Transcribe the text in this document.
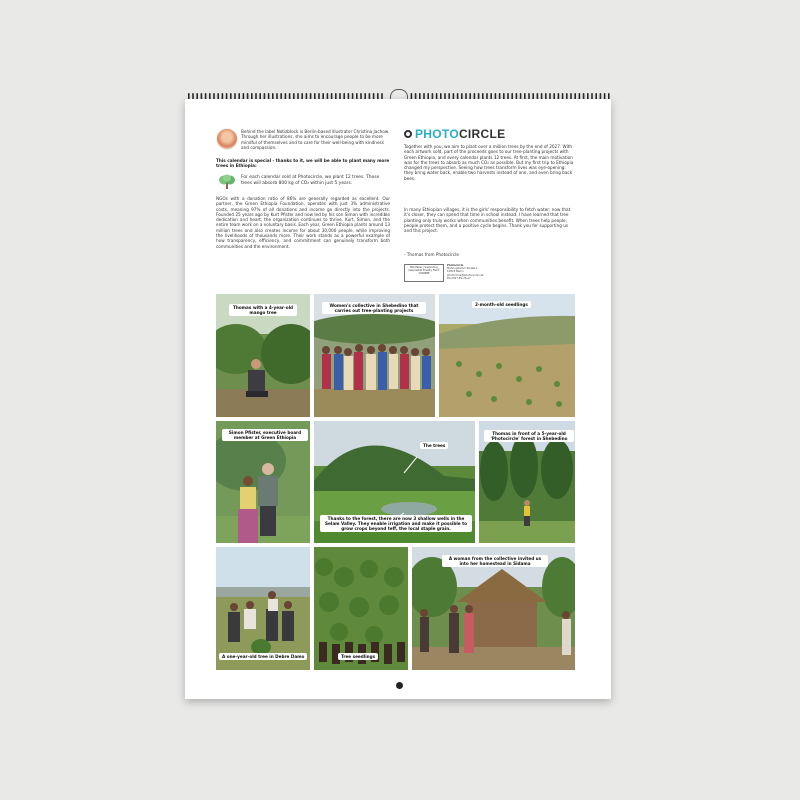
Behind the label Notizblock is Berlin-based illustrator Christina Jachow. Through her illustrations, she aims to encourage people to be more mindful of themselves and to care for their well-being with kindness and compassion.

This calendar is special - thanks to it, we will be able to plant many more trees in Ethiopia:

For each calendar sold at Photocircle, we plant 12 trees. These trees will absorb 800 kg of CO₂ within just 5 years.

NGOs with a donation ratio of 86% are generally regarded as excellent. Our partner, the Green Ethiopia Foundation, operates with just 3% administrative costs, meaning 97% of all donations and income go directly into the projects. Founded 25 years ago by Kurt Pfister and now led by his son Simon with incredible dedication and heart, the organization continues to thrive. Kurt, Simon, and the entire team work on a voluntary basis. Each year, Green Ethiopia plants around 13 million trees and also creates income for about 30,000 people, while improving the livelihoods of thousands more. Their work stands as a powerful example of how transparency, efficiency, and commitment can genuinely transform both communities and the environment.

PHOTOCIRCLE

Together with you, we aim to plant over a million trees by the end of 2027. With each artwork sold, part of the proceeds goes to our tree-planting projects with Green Ethiopia, and every calendar plants 12 trees. At first, the main motivation was for the trees to absorb as much CO₂ as possible. But my first trip to Ethiopia changed my perspective. Seeing how trees transform lives was eye-opening: they bring water back, enable two harvests instead of one, and even bring back bees.

In many Ethiopian villages, it is the girls' responsibility to fetch water; now that it's closer, they can spend that time in school instead. I have learned that tree planting only truly works when communities benefit. When trees help people, people protect them, and a positive cycle begins. Thank you for supporting us and this project.

- Thomas from Photocircle

MIX Paper | Supporting responsible forestry FSC® C018888
Photocircle
Mehringdamm Straße 1
10823 Berlin
photocircle@photocircle.net
PC-2027-ES-26-A7
Thomas with a 4-year-old mango tree
Women's collective in Shebedino that carries out tree-planting projects
2-month-old seedlings
Simon Pfister, executive board member at Green Ethiopia
The trees
Thanks to the forest, there are now 3 shallow wells in the Selam Valley. They enable irrigation and make it possible to grow crops beyond teff, the local staple grain.
Thomas in front of a 5-year-old 'Photocircle' forest in Shebedino
A one-year-old tree in Debre Damo	Tree seedlings
A woman from the collective invited us into her homestead in Sidama
